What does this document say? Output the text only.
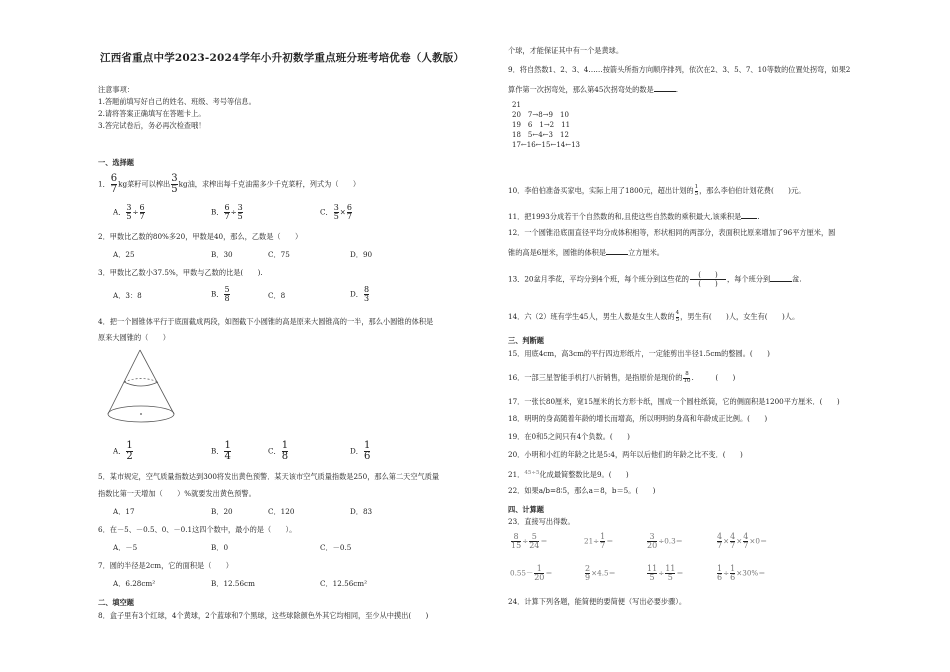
江西省重点中学2023-2024学年小升初数学重点班分班考培优卷（人教版）
注意事项：
1.答题前填写好自己的姓名、班级、考号等信息。
2.请将答案正确填写在答题卡上。
3.答完试卷后，务必再次检查哦！
一、选择题
1． $\frac{6}{7}$ kg菜籽可以榨出 $\frac{3}{5}$ kg油，求榨出每千克油需多少千克菜籽，列式为（　　）
A． $\frac{3}{5} \div \frac{6}{7}$	B． $\frac{6}{7} \div \frac{3}{5}$	C． $\frac{3}{5} \times \frac{6}{7}$
2．甲数比乙数的80%多20，甲数是40，那么，乙数是（　　）
A．25	B．30	C．75	D．90
3．甲数比乙数小37.5%，甲数与乙数的比是(　　).
A．3：8	B． $\frac{5}{8}$	C．8	D． $\frac{8}{3}$
4．把一个圆锥体平行于底面截成两段，如图截下小圆锥的高是原来大圆锥高的一半，那么小圆锥的体积是
原来大圆锥的（　　）
A． $\frac{1}{2}$	B． $\frac{1}{4}$	C． $\frac{1}{8}$	D． $\frac{1}{6}$
5．某市规定，空气质量指数达到300将发出黄色预警．某天该市空气质量指数是250，那么第二天空气质量
指数比第一天增加（　　）%就要发出黄色预警。
A．17	B．20	C．120	D．83
6．在－5、－0.5、0、－0.1这四个数中，最小的是（　　）。
A．－5	B．0	C．－0.5
7．圆的半径是2cm，它的面积是（　　）
A．6.28cm²	B．12.56cm	C．12.56cm²
二、填空题
8．盒子里有3个红球，4个黄球，2个蓝球和7个黑球，这些球除颜色外其它均相同，至少从中摸出(　　)
个球，才能保证其中有一个是黄球。
9．将自然数1、2、3、4……按箭头所指方向顺序排列，依次在2、3、5、7、10等数的位置处拐弯，如果2
算作第一次拐弯处，那么第45次拐弯处的数是	.
21
20　7→8→9　10
19　6　1→2　11
18　5←4←3　12
17←16←15←14←13
10．李伯伯准备买家电，实际上用了1800元，超出计划的 $\frac{1}{5}$ ，那么李伯伯计划花费(　　)元。
11．把1993分成若干个自然数的和,且使这些自然数的乘积最大,该乘积是 .
12．一个圆锥沿底面直径平均分成体积相等，形状相同的两部分，表面积比原来增加了96平方厘米，圆
锥的高是6厘米，圆锥的体积是	立方厘米。
13．20盆月季花，平均分到4个班，每个班分到这些花的 $\frac{( )}{( )}$ ，每个班分到	盆.
14．六（2）班有学生45人，男生人数是女生人数的 $\frac{4}{5}$ ，男生有(　　)人，女生有(　　)人。
三、判断题
15．用底4cm，高3cm的平行四边形纸片，一定能剪出半径1.5cm的整圆。(　　)
16．一部三星智能手机打八折销售，是指原价是现价的 $\frac{8}{10}$ .　　　(　　)
17．一张长80厘米，宽15厘米的长方形卡纸，围成一个圆柱纸筒，它的侧面积是1200平方厘米．(　　)
18．明明的身高随着年龄的增长而增高，所以明明的身高和年龄成正比例。(　　)
19．在0和5之间只有4个负数。(　　)
20．小明和小红的年龄之比是5:4，两年以后他们的年龄之比不变．(　　)
21．$^{45\div 5}$化成最简整数比是9。(　　)
22．如果a/b=8∶5，那么a＝8，b＝5。(　　)
四、计算题
23．直接写出得数。
$\frac{8}{15} \div \frac{5}{24}$ ＝	$21\div \frac{1}{7}$ ＝	$\frac{3}{20} \div 0.3=$	$\frac{4}{7} \times \frac{4}{7} \times \frac{4}{7} \times 0=$
$0.55- \frac{1}{20}$ ＝	$\frac{2}{9} \times 4.5=$	$\frac{11}{5} \div \frac{11}{5}$ ＝	$\frac{1}{6} \div \frac{1}{6} \times 30\%=$
24．计算下列各题，能简便的要简便（写出必要步骤）。
